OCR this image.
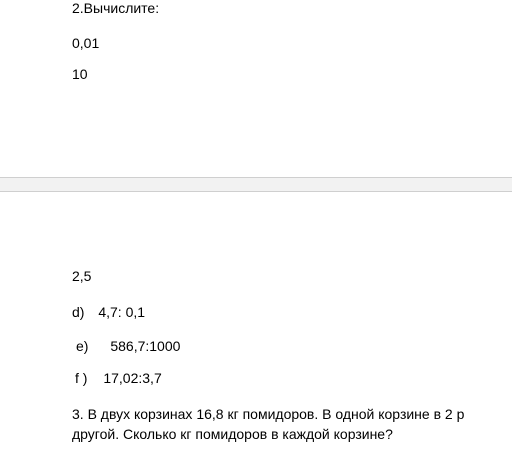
2.Вычислите:
0,01
10
2,5
d) 4,7: 0,1
e) 586,7:1000
f ) 17,02:3,7
3. В двух корзинах 16,8 кг помидоров. В одной корзине в 2 р
другой. Сколько кг помидоров в каждой корзине?
